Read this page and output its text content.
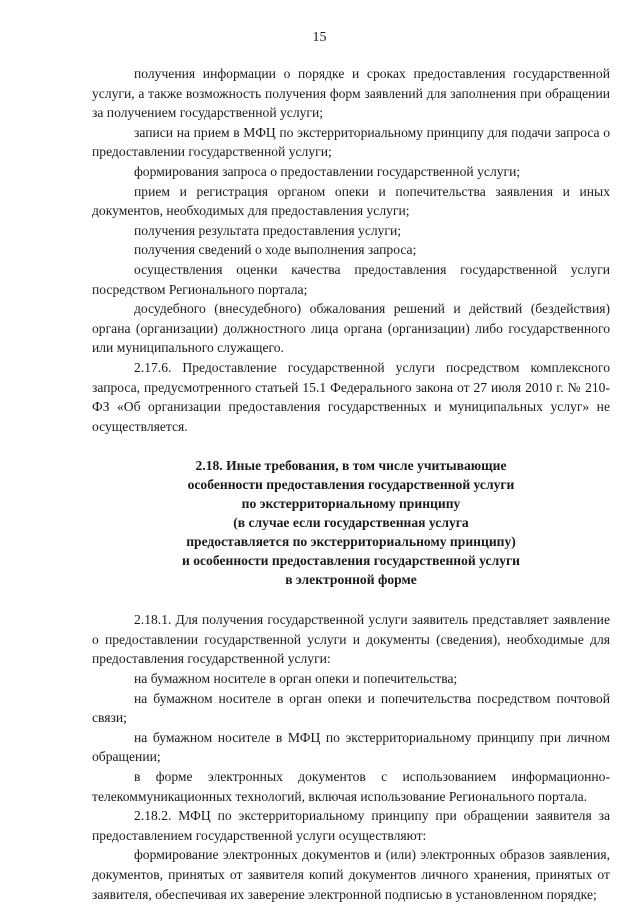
15

получения информации о порядке и сроках предоставления государственной услуги, а также возможность получения форм заявлений для заполнения при обращении за получением государственной услуги;

записи на прием в МФЦ по экстерриториальному принципу для подачи запроса о предоставлении государственной услуги;

формирования запроса о предоставлении государственной услуги;

прием и регистрация органом опеки и попечительства заявления и иных документов, необходимых для предоставления услуги;

получения результата предоставления услуги;

получения сведений о ходе выполнения запроса;

осуществления оценки качества предоставления государственной услуги посредством Регионального портала;

досудебного (внесудебного) обжалования решений и действий (бездействия) органа (организации) должностного лица органа (организации) либо государственного или муниципального служащего.

2.17.6. Предоставление государственной услуги посредством комплексного запроса, предусмотренного статьей 15.1 Федерального закона от 27 июля 2010 г. № 210-ФЗ «Об организации предоставления государственных и муниципальных услуг» не осуществляется.

2.18. Иные требования, в том числе учитывающие
особенности предоставления государственной услуги
по экстерриториальному принципу
(в случае если государственная услуга
предоставляется по экстерриториальному принципу)
и особенности предоставления государственной услуги
в электронной форме

2.18.1. Для получения государственной услуги заявитель представляет заявление о предоставлении государственной услуги и документы (сведения), необходимые для предоставления государственной услуги:

на бумажном носителе в орган опеки и попечительства;

на бумажном носителе в орган опеки и попечительства посредством почтовой связи;

на бумажном носителе в МФЦ по экстерриториальному принципу при личном обращении;

в форме электронных документов с использованием информационно-телекоммуникационных технологий, включая использование Регионального портала.

2.18.2. МФЦ по экстерриториальному принципу при обращении заявителя за предоставлением государственной услуги осуществляют:

формирование электронных документов и (или) электронных образов заявления, документов, принятых от заявителя копий документов личного хранения, принятых от заявителя, обеспечивая их заверение электронной подписью в установленном порядке;
